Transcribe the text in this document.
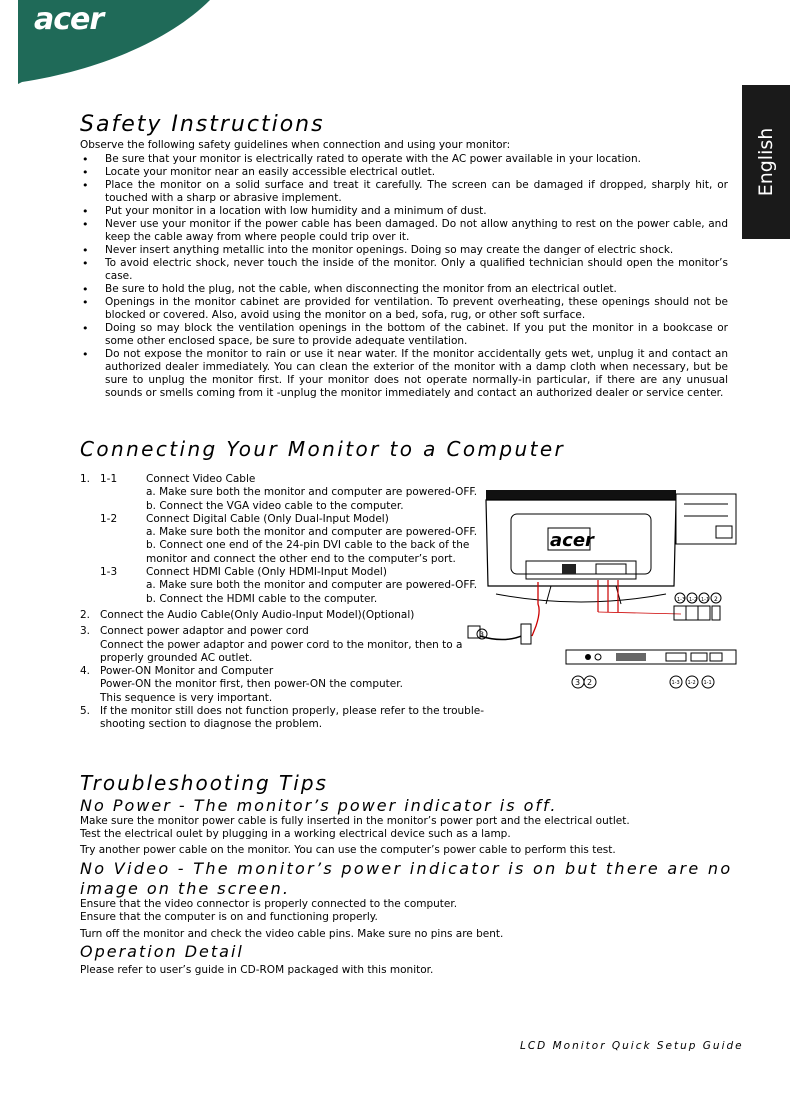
acer
English
Safety Instructions
Observe the following safety guidelines when connection and using your monitor:
• Be sure that your monitor is electrically rated to operate with the AC power available in your location.
• Locate your monitor near an easily accessible electrical outlet.
• Place the monitor on a solid surface and treat it carefully. The screen can be damaged if dropped, sharply hit, or touched with a sharp or abrasive implement.
• Put your monitor in a location with low humidity and a minimum of dust.
• Never use your monitor if the power cable has been damaged. Do not allow anything to rest on the power cable, and keep the cable away from where people could trip over it.
• Never insert anything metallic into the monitor openings. Doing so may create the danger of electric shock.
• To avoid electric shock, never touch the inside of the monitor. Only a qualified technician should open the monitor’s case.
• Be sure to hold the plug, not the cable, when disconnecting the monitor from an electrical outlet.
• Openings in the monitor cabinet are provided for ventilation. To prevent overheating, these openings should not be blocked or covered. Also, avoid using the monitor on a bed, sofa, rug, or other soft surface.
• Doing so may block the ventilation openings in the bottom of the cabinet. If you put the monitor in a bookcase or some other enclosed space, be sure to provide adequate ventilation.
• Do not expose the monitor to rain or use it near water. If the monitor accidentally gets wet, unplug it and contact an authorized dealer immediately. You can clean the exterior of the monitor with a damp cloth when necessary, but be sure to unplug the monitor first. If your monitor does not operate normally-in particular, if there are any unusual sounds or smells coming from it -unplug the monitor immediately and contact an authorized dealer or service center.
Connecting Your Monitor to a Computer
1. 1-1	Connect Video Cable
a. Make sure both the monitor and computer are powered-OFF.
b. Connect the VGA video cable to the computer.
1-2	Connect Digital Cable (Only Dual-Input Model)
a. Make sure both the monitor and computer are powered-OFF.
b. Connect one end of the 24-pin DVI cable to the back of the
monitor and connect the other end to the computer’s port.
1-3	Connect HDMI Cable (Only HDMI-Input Model)
a. Make sure both the monitor and computer are powered-OFF.
b. Connect the HDMI cable to the computer.
2. Connect the Audio Cable(Only Audio-Input Model)(Optional)
3. Connect power adaptor and power cord
Connect the power adaptor and power cord to the monitor, then to a
properly grounded AC outlet.
4. Power-ON Monitor and Computer
Power-ON the monitor first, then power-ON the computer.
This sequence is very important.
5. If the monitor still does not function properly, please refer to the trouble-
shooting section to diagnose the problem.
acer
1-3 1-2 1-1 2
3
3 2	1-3 1-2 1-1
Troubleshooting Tips
No Power - The monitor’s power indicator is off.
Make sure the monitor power cable is fully inserted in the monitor’s power port and the electrical outlet.
Test the electrical oulet by plugging in a working electrical device such as a lamp.
Try another power cable on the monitor. You can use the computer’s power cable to perform this test.
No Video - The monitor’s power indicator is on but there are no
image on the screen.
Ensure that the video connector is properly connected to the computer.
Ensure that the computer is on and functioning properly.
Turn off the monitor and check the video cable pins. Make sure no pins are bent.
Operation Detail
Please refer to user’s guide in CD-ROM packaged with this monitor.
LCD Monitor Quick Setup Guide
